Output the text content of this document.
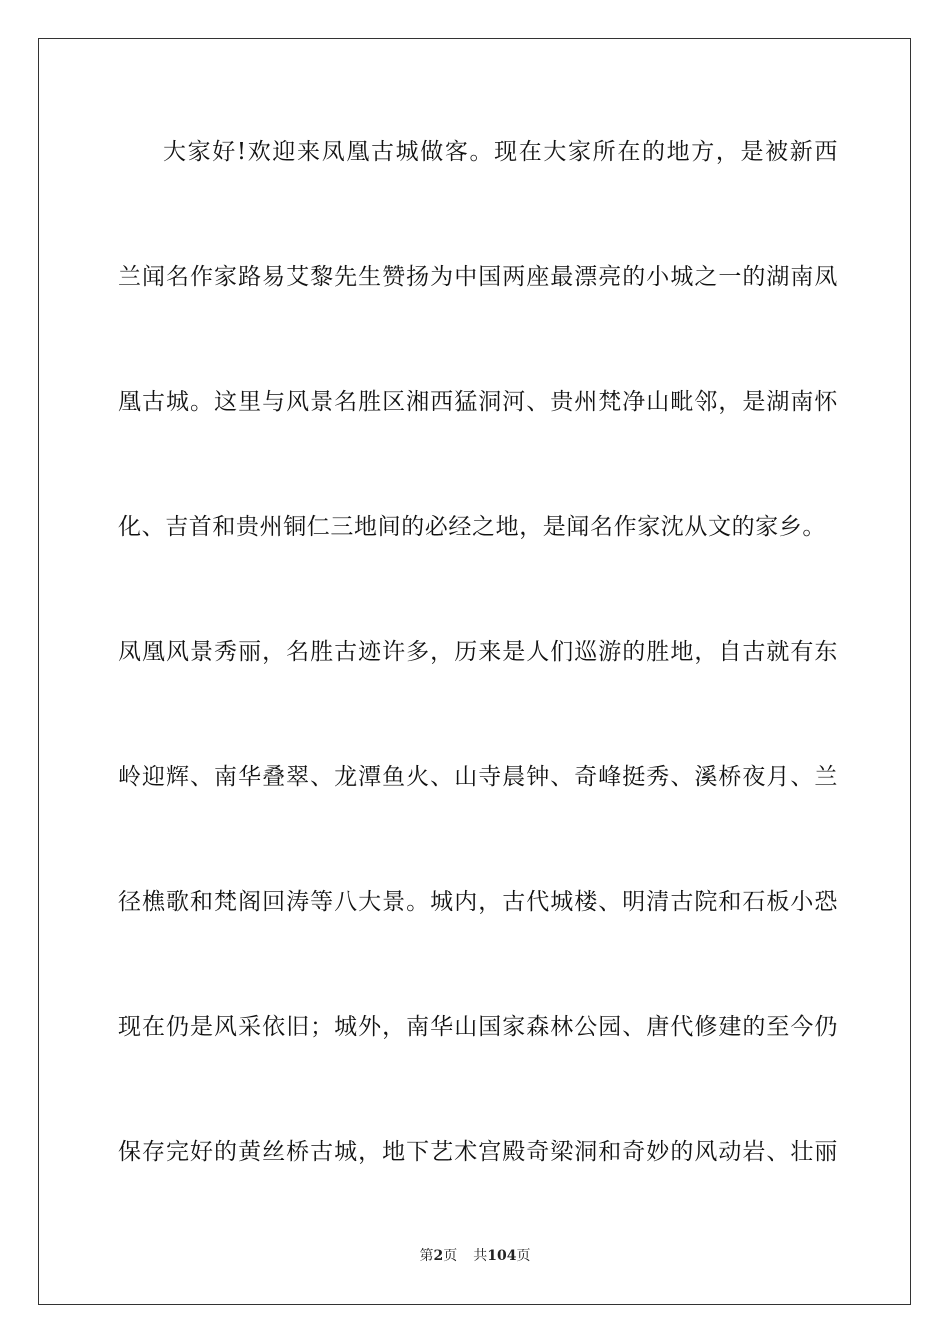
大家好!欢迎来凤凰古城做客。现在大家所在的地方，是被新西
兰闻名作家路易艾黎先生赞扬为中国两座最漂亮的小城之一的湖南凤
凰古城。这里与风景名胜区湘西猛洞河、贵州梵净山毗邻，是湖南怀
化、吉首和贵州铜仁三地间的必经之地，是闻名作家沈从文的家乡。
凤凰风景秀丽，名胜古迹许多，历来是人们巡游的胜地，自古就有东
岭迎辉、南华叠翠、龙潭鱼火、山寺晨钟、奇峰挺秀、溪桥夜月、兰
径樵歌和梵阁回涛等八大景。城内，古代城楼、明清古院和石板小恐
现在仍是风采依旧；城外，南华山国家森林公园、唐代修建的至今仍
保存完好的黄丝桥古城，地下艺术宫殿奇梁洞和奇妙的风动岩、壮丽
第2页 共104页
